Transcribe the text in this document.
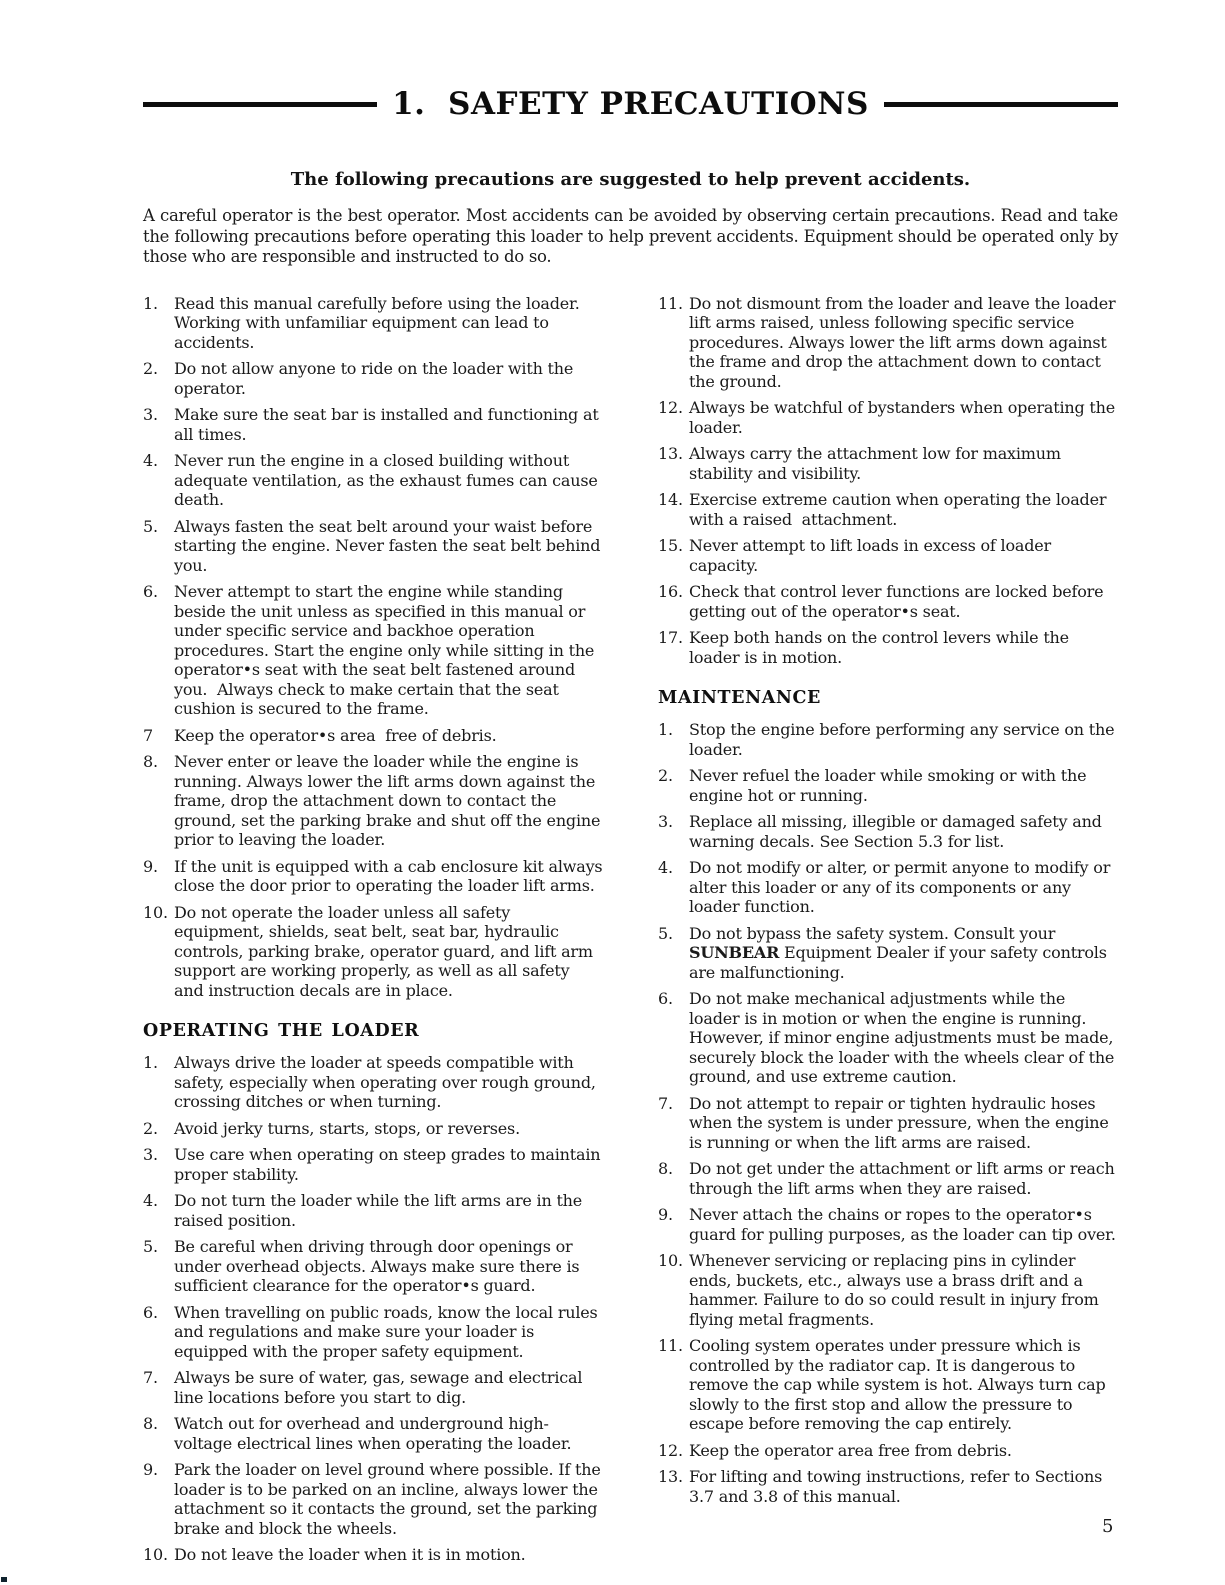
1.  SAFETY PRECAUTIONS

The following precautions are suggested to help prevent accidents.

A careful operator is the best operator. Most accidents can be avoided by observing certain precautions. Read and take the following precautions before operating this loader to help prevent accidents. Equipment should be operated only by those who are responsible and instructed to do so.

1.	Read this manual carefully before using the loader. Working with unfamiliar equipment can lead to accidents.
2.	Do not allow anyone to ride on the loader with the operator.
3.	Make sure the seat bar is installed and functioning at all times.
4.	Never run the engine in a closed building without adequate ventilation, as the exhaust fumes can cause death.
5.	Always fasten the seat belt around your waist before starting the engine. Never fasten the seat belt behind you.
6.	Never attempt to start the engine while standing beside the unit unless as specified in this manual or under specific service and backhoe operation procedures. Start the engine only while sitting in the operator•s seat with the seat belt fastened around you.  Always check to make certain that the seat cushion is secured to the frame.
7	Keep the operator•s area  free of debris.
8.	Never enter or leave the loader while the engine is running. Always lower the lift arms down against the frame, drop the attachment down to contact the ground, set the parking brake and shut off the engine prior to leaving the loader.
9.	If the unit is equipped with a cab enclosure kit always close the door prior to operating the loader lift arms.
10. Do not operate the loader unless all safety equipment, shields, seat belt, seat bar, hydraulic controls, parking brake, operator guard, and lift arm support are working properly, as well as all safety and instruction decals are in place.
OPERATING THE LOADER
1.	Always drive the loader at speeds compatible with safety, especially when operating over rough ground, crossing ditches or when turning.
2.	Avoid jerky turns, starts, stops, or reverses.
3.	Use care when operating on steep grades to maintain proper stability.
4.	Do not turn the loader while the lift arms are in the raised position.
5.	Be careful when driving through door openings or under overhead objects. Always make sure there is sufficient clearance for the operator•s guard.
6.	When travelling on public roads, know the local rules and regulations and make sure your loader is equipped with the proper safety equipment.
7.	Always be sure of water, gas, sewage and electrical line locations before you start to dig.
8.	Watch out for overhead and underground high-voltage electrical lines when operating the loader.
9.	Park the loader on level ground where possible. If the loader is to be parked on an incline, always lower the attachment so it contacts the ground, set the parking brake and block the wheels.
10. Do not leave the loader when it is in motion.
11. Do not dismount from the loader and leave the loader lift arms raised, unless following specific service procedures. Always lower the lift arms down against the frame and drop the attachment down to contact the ground.
12. Always be watchful of bystanders when operating the loader.
13. Always carry the attachment low for maximum stability and visibility.
14. Exercise extreme caution when operating the loader with a raised  attachment.
15. Never attempt to lift loads in excess of loader capacity.
16. Check that control lever functions are locked before getting out of the operator•s seat.
17. Keep both hands on the control levers while the loader is in motion.
MAINTENANCE
1.	Stop the engine before performing any service on the loader.
2.	Never refuel the loader while smoking or with the engine hot or running.
3.	Replace all missing, illegible or damaged safety and warning decals. See Section 5.3 for list.
4.	Do not modify or alter, or permit anyone to modify or alter this loader or any of its components or any loader function.
5.	Do not bypass the safety system. Consult your SUNBEAR Equipment Dealer if your safety controls are malfunctioning.
6.	Do not make mechanical adjustments while the loader is in motion or when the engine is running. However, if minor engine adjustments must be made, securely block the loader with the wheels clear of the ground, and use extreme caution.
7.	Do not attempt to repair or tighten hydraulic hoses when the system is under pressure, when the engine is running or when the lift arms are raised.
8.	Do not get under the attachment or lift arms or reach through the lift arms when they are raised.
9.	Never attach the chains or ropes to the operator•s guard for pulling purposes, as the loader can tip over.
10. Whenever servicing or replacing pins in cylinder ends, buckets, etc., always use a brass drift and a hammer. Failure to do so could result in injury from flying metal fragments.
11. Cooling system operates under pressure which is controlled by the radiator cap. It is dangerous to remove the cap while system is hot. Always turn cap slowly to the first stop and allow the pressure to escape before removing the cap entirely.
12. Keep the operator area free from debris.
13. For lifting and towing instructions, refer to Sections 3.7 and 3.8 of this manual.
5
